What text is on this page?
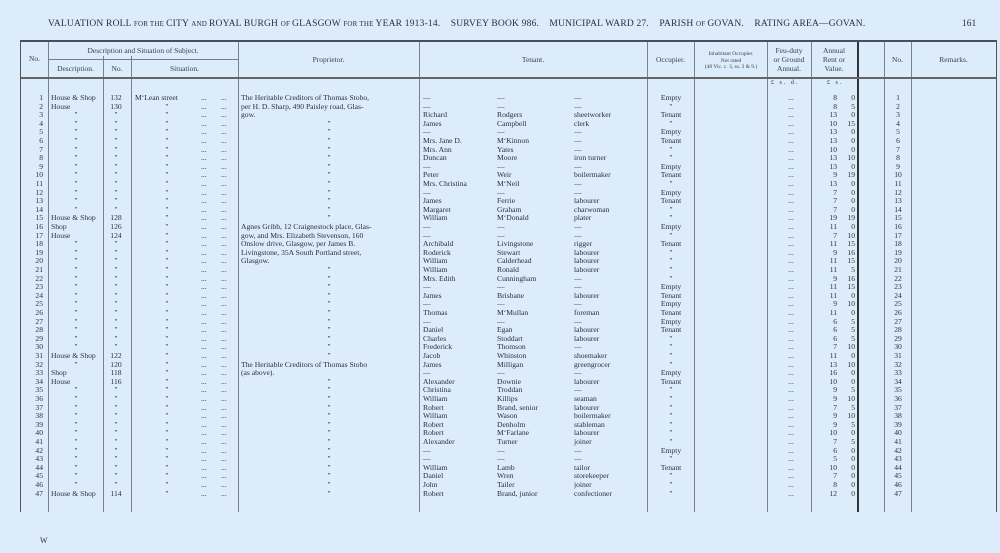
VALUATION ROLL FOR THE CITY AND ROYAL BURGH OF GLASGOW FOR THE YEAR 1913-14. SURVEY BOOK 986. MUNICIPAL WARD 27. PARISH OF GOVAN. RATING AREA—GOVAN.	161
No.
Description and Situation of Subject.
Description.	No.	Situation.
Proprietor.	Tenant.	Occupier.
Inhabitant Occupier.
Not rated
(48 Vic. c. 3, ss. 3 & 9.)
Feu-duty
or Ground
Annual.
Annual
Rent or
Value.
No.	Remarks.
£ s. d.	£ s.
1 House & Shop	132	M‘Lean street	The Heritable Creditors of Thomas Stobo,	—	—	—	Empty	...	8	0	1
...	...
2 House	130	"	per H. D. Sharp, 490 Paisley road, Glas-	—	—	—	"	...	8	5	2
...	...
3	"	"	"	gow.	Richard	Rodgers	sheetworker	Tenant	...	13	0	3
...	...
4	"	"	"	"	James	Campbell	clerk	"	...	10	15	4
...	...
5	"	"	"	"	—	—	—	Empty	...	13	0	5
...	...
6	"	"	"	"	Mrs. Jane D.	M‘Kinnon	—	Tenant	...	13	0	6
...	...
7	"	"	"	"	Mrs. Ann	Yates	—	"	...	10	0	7
...	...
8	"	"	"	"	Duncan	Moore	iron turner	"	...	13	10	8
...	...
9	"	"	"	"	—	—	—	Empty	...	13	0	9
...	...
10	"	"	"	"	Peter	Weir	boilermaker	Tenant	...	9	19	10
...	...
11	"	"	"	"	Mrs. Christina	M‘Neil	—	"	...	13	0	11
...	...
12	"	"	"	"	—	—	—	Empty	...	7	0	12
...	...
13	"	"	"	"	James	Ferrie	labourer	Tenant	...	7	0	13
...	...
14	"	"	"	"	Margaret	Graham	charwoman	"	...	7	0	14
...	...
15 House & Shop	128	"	"	William	M‘Donald	plater	"	...	19	19	15
...	...
16 Shop	126	"	Agnes Gribb, 12 Craignestock place, Glas-	—	—	—	Empty	...	11	0	16
...	...
17 House	124	"	gow, and Mrs. Elizabeth Stevenson, 160	—	—	—	"	...	7	10	17
...	...
18	"	"	"	Onslow drive, Glasgow, per James B.	Archibald	Livingstone	rigger	Tenant	...	11	15	18
...	...
19	"	"	"	Livingstone, 35A South Portland street,	Roderick	Stewart	labourer	"	...	9	16	19
...	...
20	"	"	"	Glasgow.	William	Calderhead	labourer	"	...	11	15	20
...	...
21	"	"	"	"	William	Ronald	labourer	"	...	11	5	21
...	...
22	"	"	"	"	Mrs. Edith	Cunningham	—	"	...	9	16	22
...	...
23	"	"	"	"	—	—	—	Empty	...	11	15	23
...	...
24	"	"	"	"	James	Brisbane	labourer	Tenant	...	11	0	24
...	...
25	"	"	"	"	—	—	—	Empty	...	9	10	25
...	...
26	"	"	"	"	Thomas	M‘Mullan	foreman	Tenant	...	11	0	26
...	...
27	"	"	"	"	—	—	—	Empty	...	6	5	27
...	...
28	"	"	"	"	Daniel	Egan	labourer	Tenant	...	6	5	28
...	...
29	"	"	"	"	Charles	Stoddart	labourer	"	...	6	5	29
...	...
30	"	"	"	"	Frederick	Thomson	—	"	...	7	10	30
...	...
31 House & Shop	122	"	"	Jacob	Whinston	shoemaker	"	...	11	0	31
...	...
32	"	120	"	The Heritable Creditors of Thomas Stobo	James	Milligan	greengrocer	"	...	13	10	32
...	...
33 Shop	118	"	(as above).	—	—	—	Empty	...	16	0	33
...	...
34 House	116	"	"	Alexander	Downie	labourer	Tenant	...	10	0	34
...	...
35	"	"	"	"	Christina	Troddan	—	"	...	9	5	35
...	...
36	"	"	"	"	William	Killips	seaman	"	...	9	10	36
...	...
37	"	"	"	"	Robert	Brand, senior	labourer	"	...	7	5	37
...	...
38	"	"	"	"	William	Wason	boilermaker	"	...	9	10	38
...	...
39	"	"	"	"	Robert	Denholm	stableman	"	...	9	5	39
...	...
40	"	"	"	"	Robert	M‘Farlane	labourer	"	...	10	0	40
...	...
41	"	"	"	"	Alexander	Turner	joiner	"	...	7	5	41
...	...
42	"	"	"	"	—	—	—	Empty	...	6	0	42
...	...
43	"	"	"	"	—	—	—	"	...	5	0	43
...	...
44	"	"	"	"	William	Lamb	tailor	Tenant	...	10	0	44
...	...
45	"	"	"	"	Daniel	Wren	storekeeper	"	...	7	0	45
...	...
46	"	"	"	"	John	Tailer	joiner	"	...	8	0	46
...	...
47 House & Shop	114	"	"	Robert	Brand, junior	confectioner	"	...	12	0	47
...	...
W
